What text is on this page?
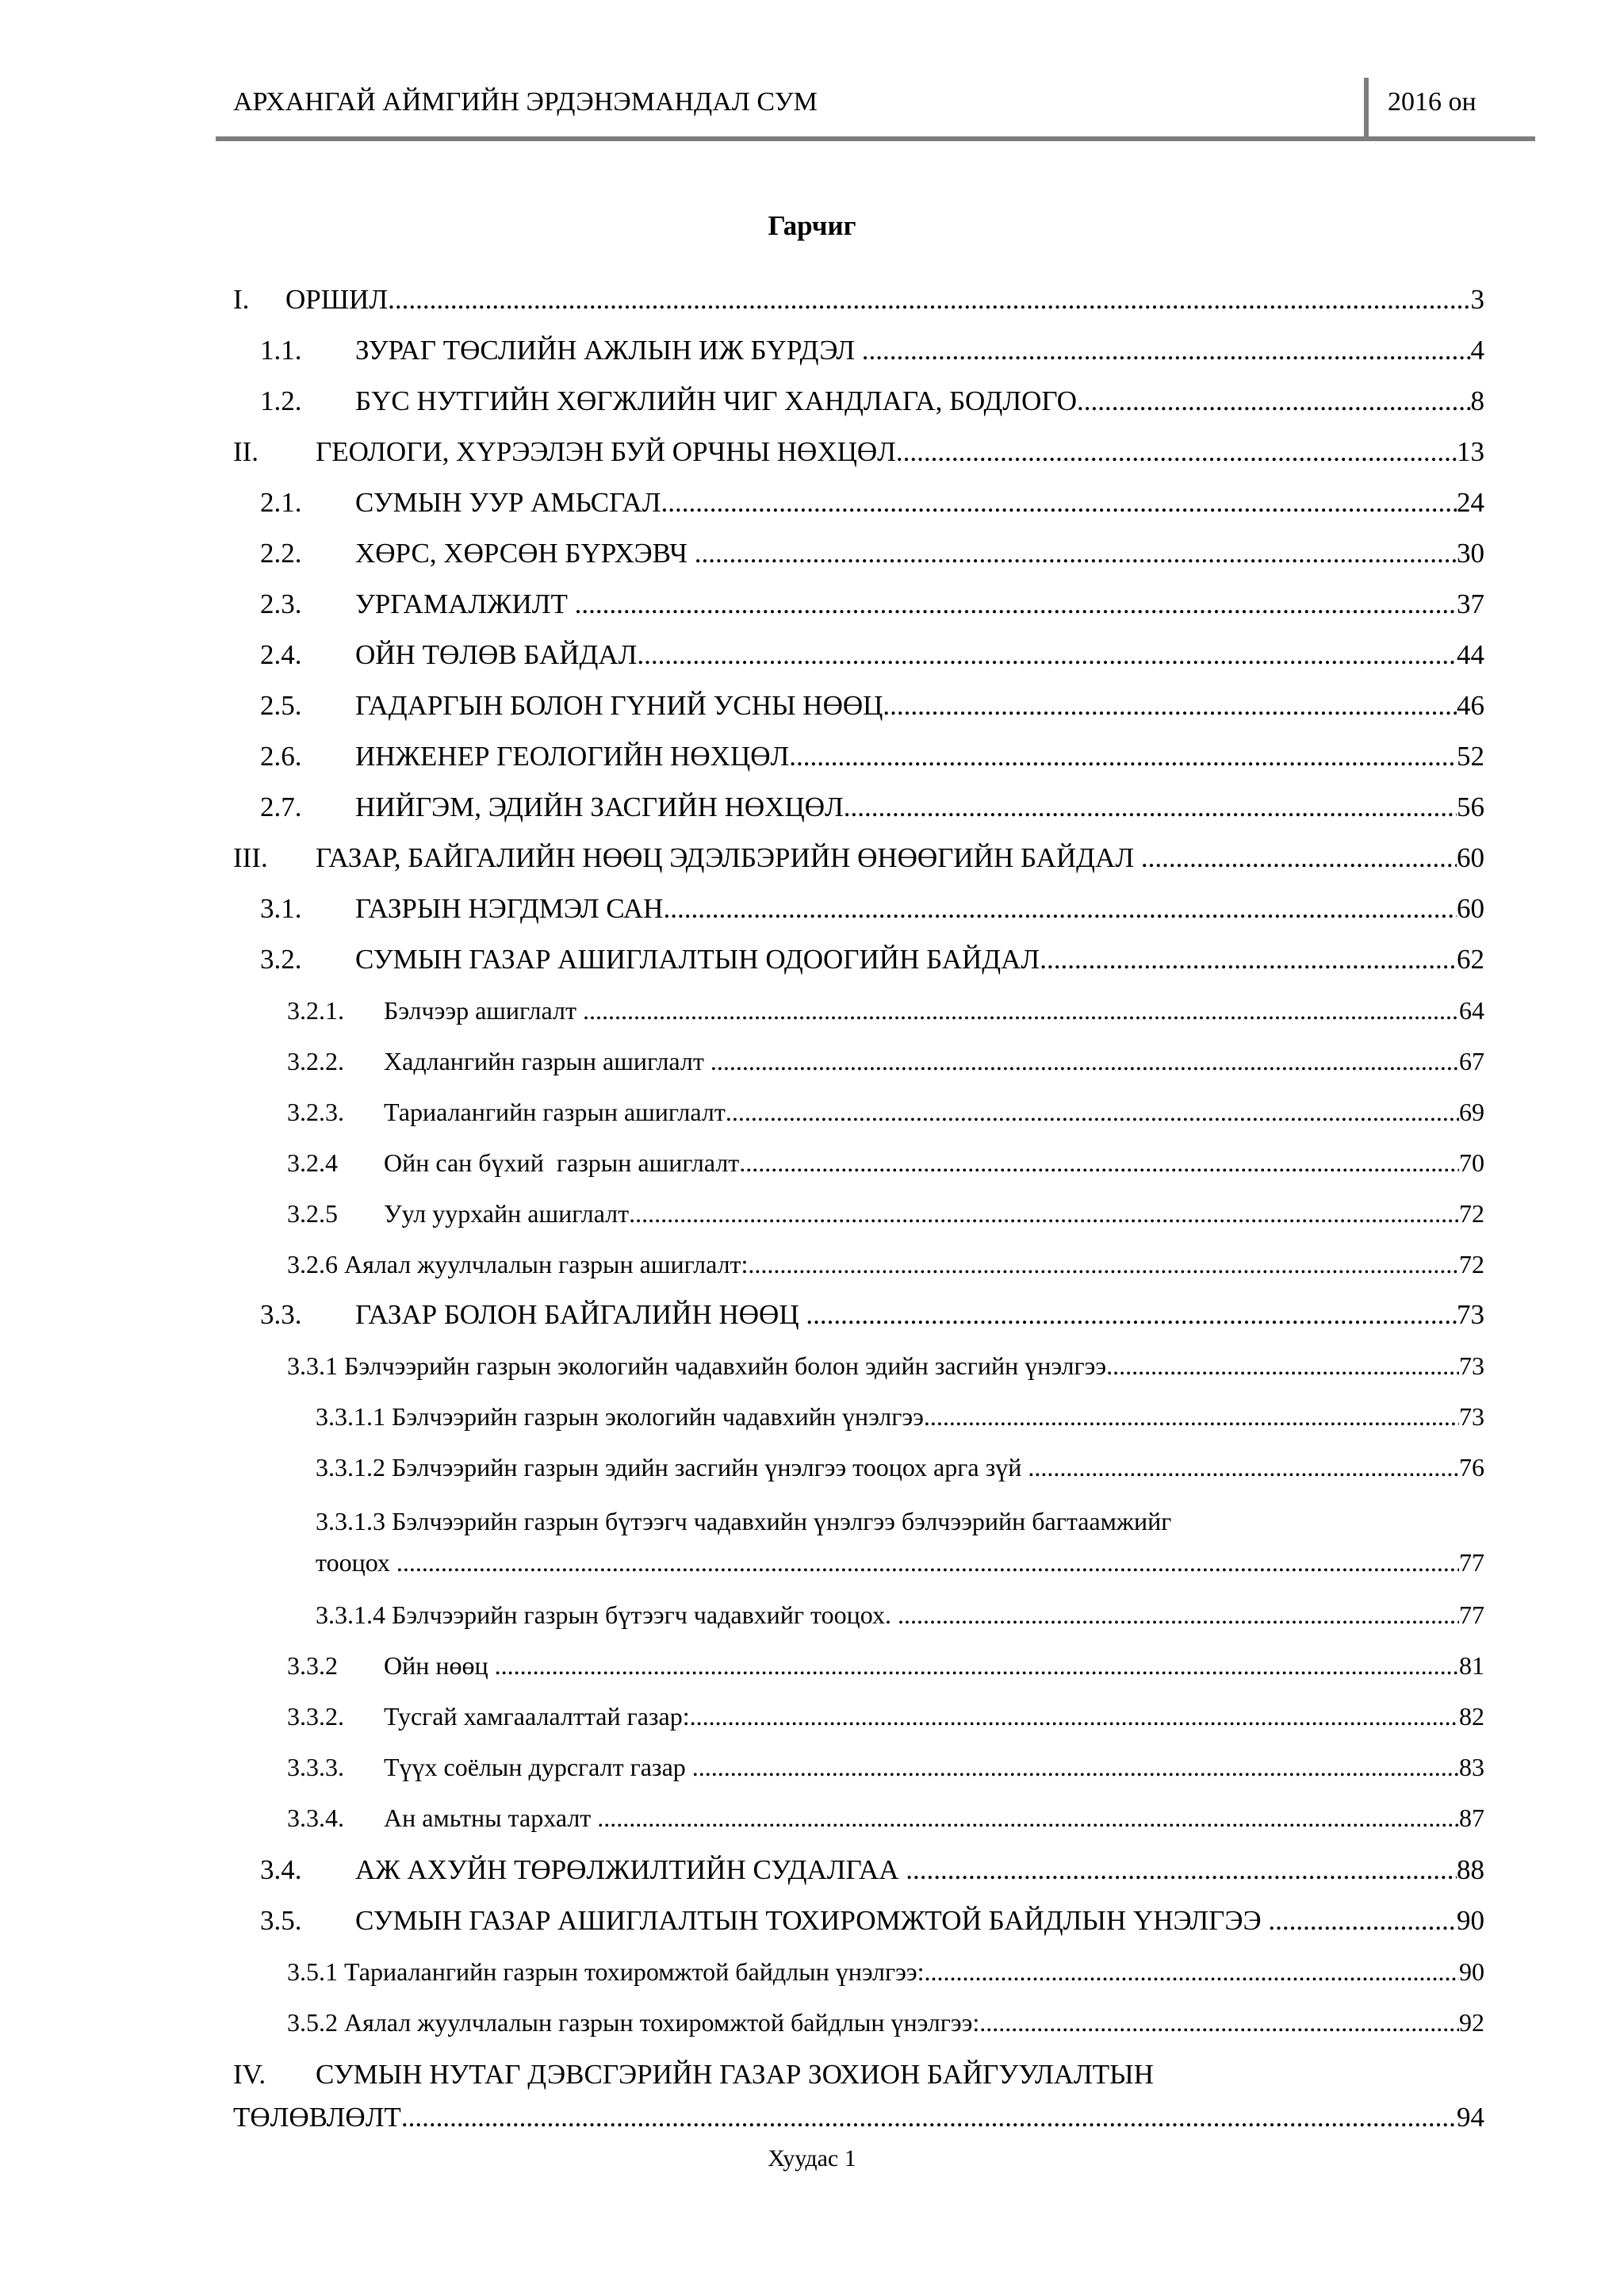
АРХАНГАЙ АЙМГИЙН ЭРДЭНЭМАНДАЛ СУМ	2016 он
Гарчиг
I.	ОРШИЛ .....	3
1.1.	ЗУРАГ ТӨСЛИЙН АЖЛЫН ИЖ БҮРДЭЛ .....	4
1.2.	БҮС НУТГИЙН ХӨГЖЛИЙН ЧИГ ХАНДЛАГА, БОДЛОГО .....	8
II.	ГЕОЛОГИ, ХҮРЭЭЛЭН БУЙ ОРЧНЫ НӨХЦӨЛ .....	13
2.1.	СУМЫН УУР АМЬСГАЛ .....	24
2.2.	ХӨРС, ХӨРСӨН БҮРХЭВЧ .....	30
2.3.	УРГАМАЛЖИЛТ .....	37
2.4.	ОЙН ТӨЛӨВ БАЙДАЛ .....	44
2.5.	ГАДАРГЫН БОЛОН ГҮНИЙ УСНЫ НӨӨЦ .....	46
2.6.	ИНЖЕНЕР ГЕОЛОГИЙН НӨХЦӨЛ .....	52
2.7.	НИЙГЭМ, ЭДИЙН ЗАСГИЙН НӨХЦӨЛ .....	56
III.	ГАЗАР, БАЙГАЛИЙН НӨӨЦ ЭДЭЛБЭРИЙН ӨНӨӨГИЙН БАЙДАЛ .....	60
3.1.	ГАЗРЫН НЭГДМЭЛ САН .....	60
3.2.	СУМЫН ГАЗАР АШИГЛАЛТЫН ОДООГИЙН БАЙДАЛ .....	62
3.2.1.	Бэлчээр ашиглалт .....	64
3.2.2.	Хадлангийн газрын ашиглалт .....	67
3.2.3.	Тариалангийн газрын ашиглалт .....	69
3.2.4	Ойн сан бүхий  газрын ашиглалт .....	70
3.2.5	Уул уурхайн ашиглалт .....	72
3.2.6 Аялал жуулчлалын газрын ашиглалт: .....	72
3.3.	ГАЗАР БОЛОН БАЙГАЛИЙН НӨӨЦ .....	73
3.3.1 Бэлчээрийн газрын экологийн чадавхийн болон эдийн засгийн үнэлгээ .....	73
3.3.1.1 Бэлчээрийн газрын экологийн чадавхийн үнэлгээ .....	73
3.3.1.2 Бэлчээрийн газрын эдийн засгийн үнэлгээ тооцох арга зүй .....	76
3.3.1.3 Бэлчээрийн газрын бүтээгч чадавхийн үнэлгээ бэлчээрийн багтаамжийг
тооцох .....	77
3.3.1.4 Бэлчээрийн газрын бүтээгч чадавхийг тооцох. .....	77
3.3.2	Ойн нөөц .....	81
3.3.2.	Тусгай хамгаалалттай газар: .....	82
3.3.3.	Түүх соёлын дурсгалт газар .....	83
3.3.4.	Ан амьтны тархалт .....	87
3.4.	АЖ АХУЙН ТӨРӨЛЖИЛТИЙН СУДАЛГАА .....	88
3.5.	СУМЫН ГАЗАР АШИГЛАЛТЫН ТОХИРОМЖТОЙ БАЙДЛЫН ҮНЭЛГЭЭ .....	90
3.5.1 Тариалангийн газрын тохиромжтой байдлын үнэлгээ: .....	90
3.5.2 Аялал жуулчлалын газрын тохиромжтой байдлын үнэлгээ: .....	92
IV.	СУМЫН НУТАГ ДЭВСГЭРИЙН ГАЗАР ЗОХИОН БАЙГУУЛАЛТЫН
ТӨЛӨВЛӨЛТ .....	94
Хуудас 1
